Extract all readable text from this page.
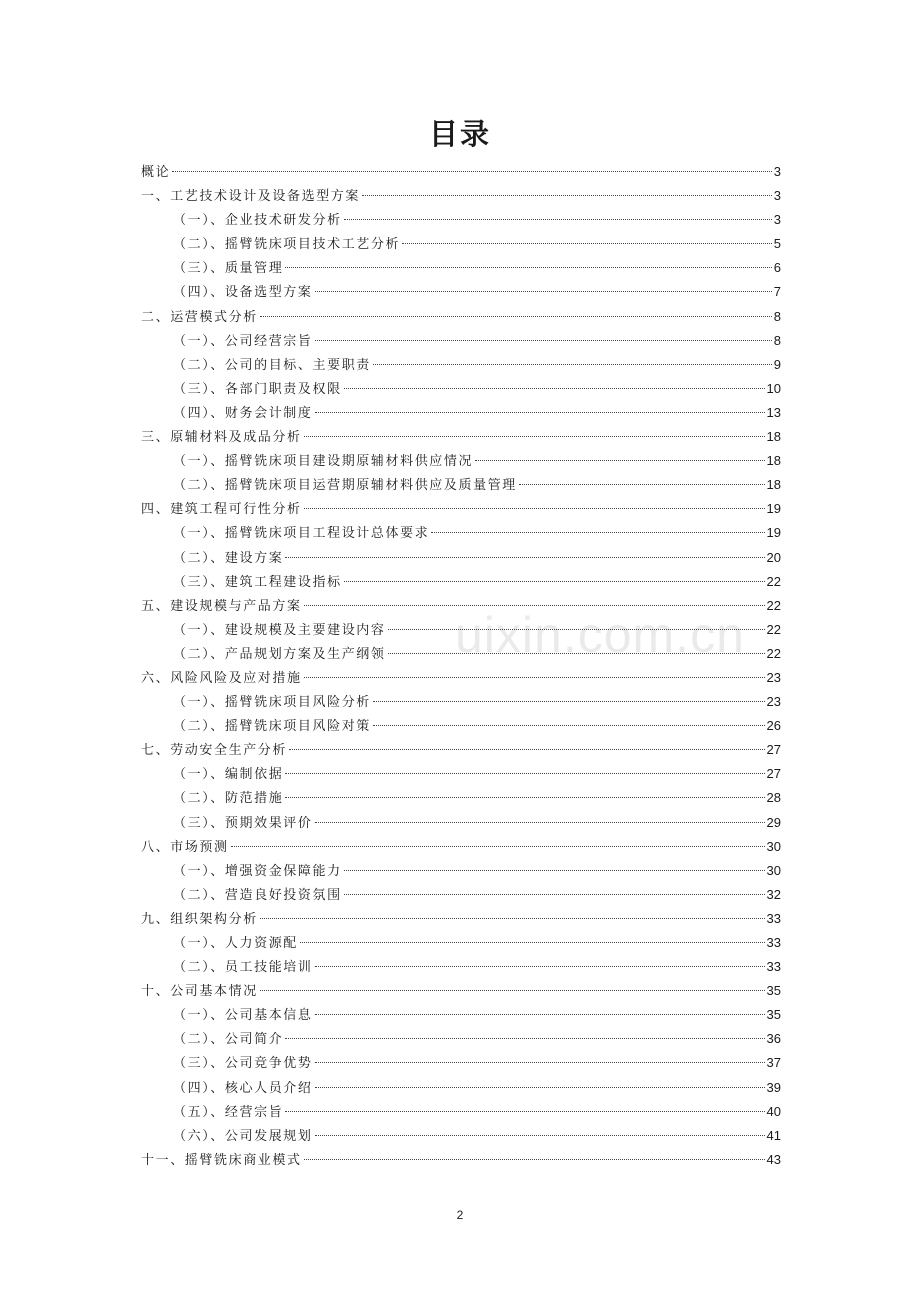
目录
uixin.com.cn
概论	3
一、工艺技术设计及设备选型方案	3
（一）、企业技术研发分析	3
（二）、摇臂铣床项目技术工艺分析	5
（三）、质量管理	6
（四）、设备选型方案	7
二、运营模式分析	8
（一）、公司经营宗旨	8
（二）、公司的目标、主要职责	9
（三）、各部门职责及权限	10
（四）、财务会计制度	13
三、原辅材料及成品分析	18
（一）、摇臂铣床项目建设期原辅材料供应情况	18
（二）、摇臂铣床项目运营期原辅材料供应及质量管理	18
四、建筑工程可行性分析	19
（一）、摇臂铣床项目工程设计总体要求	19
（二）、建设方案	20
（三）、建筑工程建设指标	22
五、建设规模与产品方案	22
（一）、建设规模及主要建设内容	22
（二）、产品规划方案及生产纲领	22
六、风险风险及应对措施	23
（一）、摇臂铣床项目风险分析	23
（二）、摇臂铣床项目风险对策	26
七、劳动安全生产分析	27
（一）、编制依据	27
（二）、防范措施	28
（三）、预期效果评价	29
八、市场预测	30
（一）、增强资金保障能力	30
（二）、营造良好投资氛围	32
九、组织架构分析	33
（一）、人力资源配	33
（二）、员工技能培训	33
十、公司基本情况	35
（一）、公司基本信息	35
（二）、公司简介	36
（三）、公司竞争优势	37
（四）、核心人员介绍	39
（五）、经营宗旨	40
（六）、公司发展规划	41
十一、摇臂铣床商业模式	43
2
